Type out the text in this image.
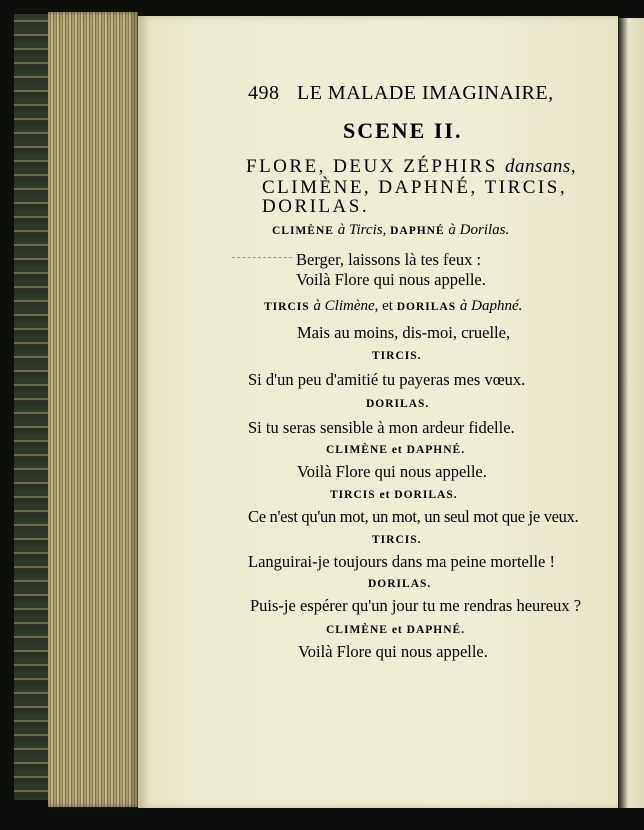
498 LE MALADE IMAGINAIRE,
SCENE II.
FLORE, DEUX ZÉPHIRS dansans,
CLIMÈNE, DAPHNÉ, TIRCIS,
DORILAS.
CLIMÈNE à Tircis, DAPHNÉ à Dorilas.
Berger, laissons là tes feux :
Voilà Flore qui nous appelle.
TIRCIS à Climène, et DORILAS à Daphné.
Mais au moins, dis-moi, cruelle,
TIRCIS.
Si d'un peu d'amitié tu payeras mes vœux.
DORILAS.
Si tu seras sensible à mon ardeur fidelle.
CLIMÈNE et DAPHNÉ.
Voilà Flore qui nous appelle.
TIRCIS et DORILAS.
Ce n'est qu'un mot, un mot, un seul mot que je veux.
TIRCIS.
Languirai-je toujours dans ma peine mortelle !
DORILAS.
Puis-je espérer qu'un jour tu me rendras heureux ?
CLIMÈNE et DAPHNÉ.
Voilà Flore qui nous appelle.
